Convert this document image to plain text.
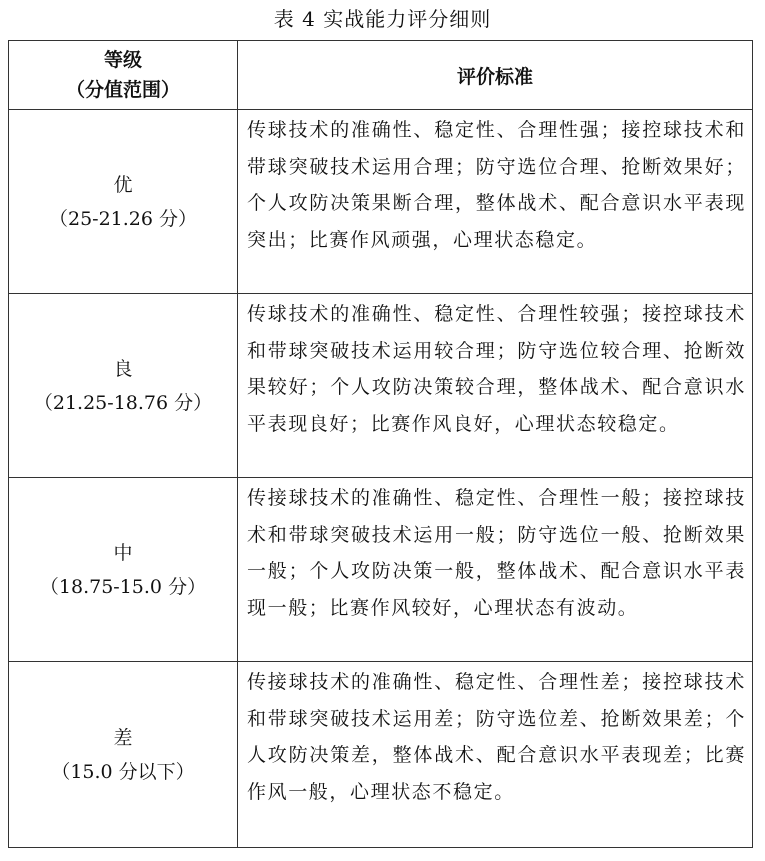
表 4 实战能力评分细则
等级
（分值范围）	评价标准

优
（25-21.26 分）	传球技术的准确性、稳定性、合理性强；接控球技术和带球突破技术运用合理；防守选位合理、抢断效果好；个人攻防决策果断合理，整体战术、配合意识水平表现突出；比赛作风顽强，心理状态稳定。

良
（21.25-18.76 分）	传球技术的准确性、稳定性、合理性较强；接控球技术和带球突破技术运用较合理；防守选位较合理、抢断效果较好；个人攻防决策较合理，整体战术、配合意识水平表现良好；比赛作风良好，心理状态较稳定。

中
（18.75-15.0 分）	传接球技术的准确性、稳定性、合理性一般；接控球技术和带球突破技术运用一般；防守选位一般、抢断效果一般；个人攻防决策一般，整体战术、配合意识水平表现一般；比赛作风较好，心理状态有波动。

差
（15.0 分以下）	传接球技术的准确性、稳定性、合理性差；接控球技术和带球突破技术运用差；防守选位差、抢断效果差；个人攻防决策差，整体战术、配合意识水平表现差；比赛作风一般，心理状态不稳定。
